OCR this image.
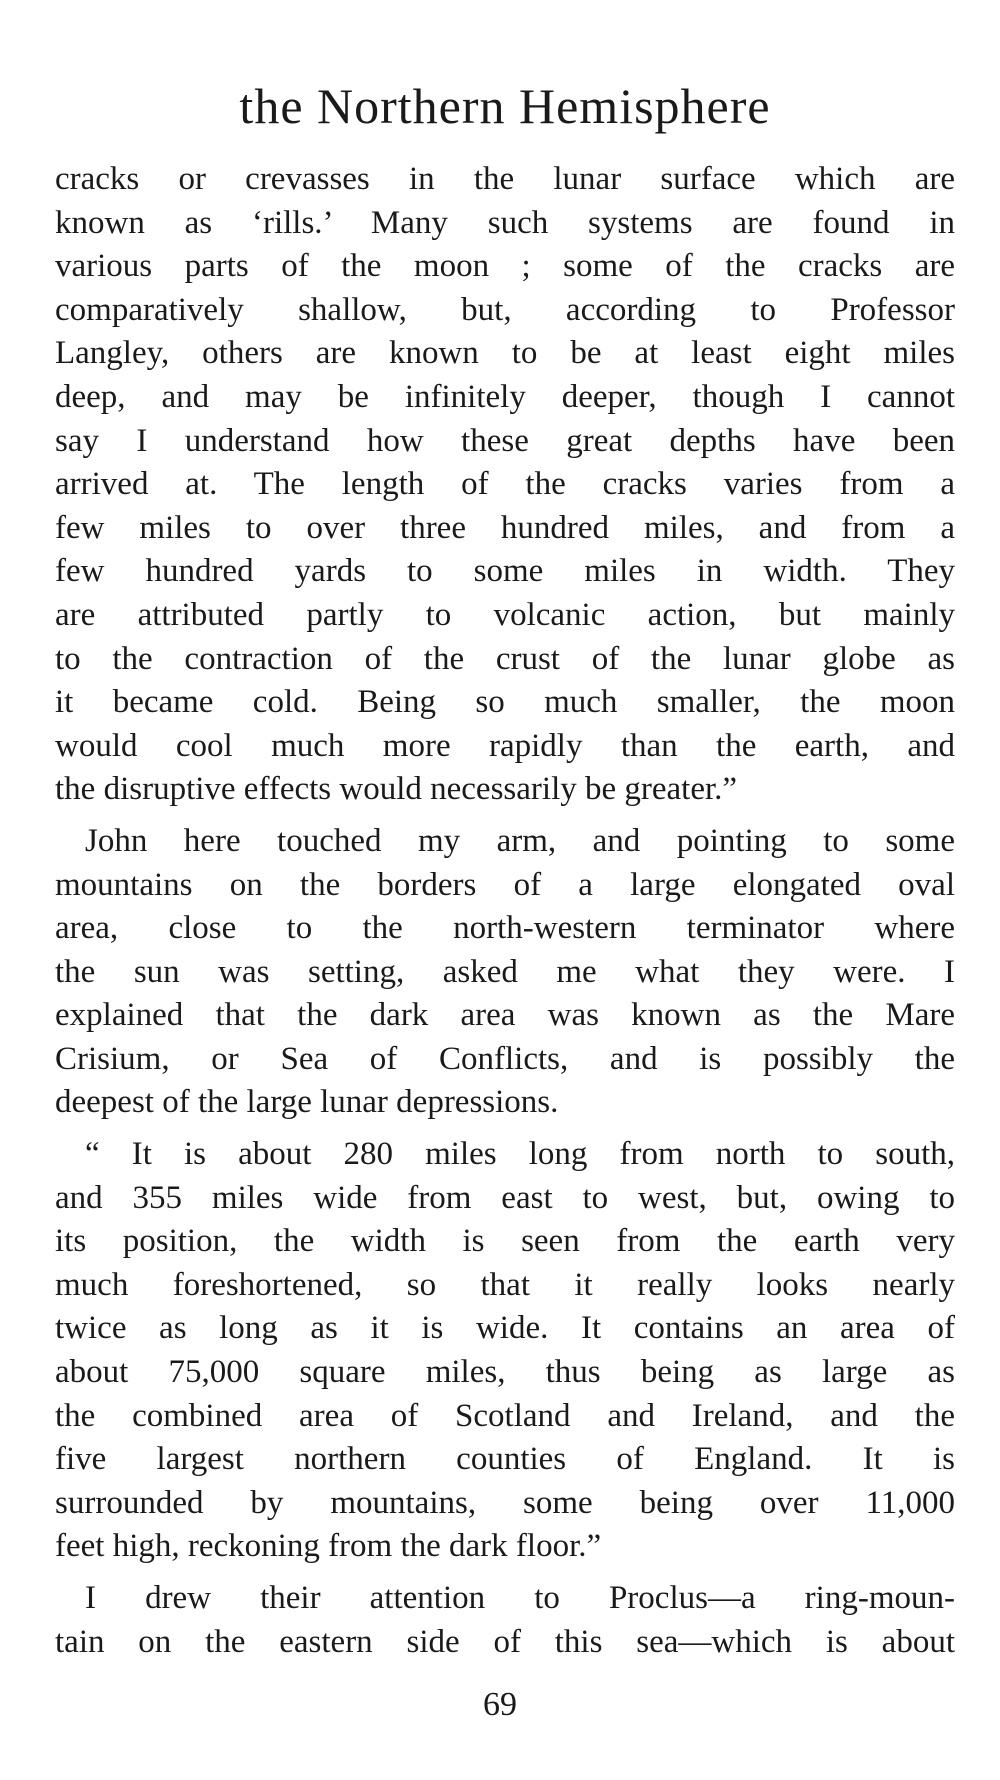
the Northern Hemisphere
cracks or crevasses in the lunar surface which are
known as ‘rills.’ Many such systems are found in
various parts of the moon ; some of the cracks are
comparatively shallow, but, according to Professor
Langley, others are known to be at least eight miles
deep, and may be infinitely deeper, though I cannot
say I understand how these great depths have been
arrived at. The length of the cracks varies from a
few miles to over three hundred miles, and from a
few hundred yards to some miles in width. They
are attributed partly to volcanic action, but mainly
to the contraction of the crust of the lunar globe as
it became cold. Being so much smaller, the moon
would cool much more rapidly than the earth, and
the disruptive effects would necessarily be greater.”
John here touched my arm, and pointing to some
mountains on the borders of a large elongated oval
area, close to the north-western terminator where
the sun was setting, asked me what they were. I
explained that the dark area was known as the Mare
Crisium, or Sea of Conflicts, and is possibly the
deepest of the large lunar depressions.
“ It is about 280 miles long from north to south,
and 355 miles wide from east to west, but, owing to
its position, the width is seen from the earth very
much foreshortened, so that it really looks nearly
twice as long as it is wide. It contains an area of
about 75,000 square miles, thus being as large as
the combined area of Scotland and Ireland, and the
five largest northern counties of England. It is
surrounded by mountains, some being over 11,000
feet high, reckoning from the dark floor.”
I drew their attention to Proclus—a ring-moun-
tain on the eastern side of this sea—which is about
69
